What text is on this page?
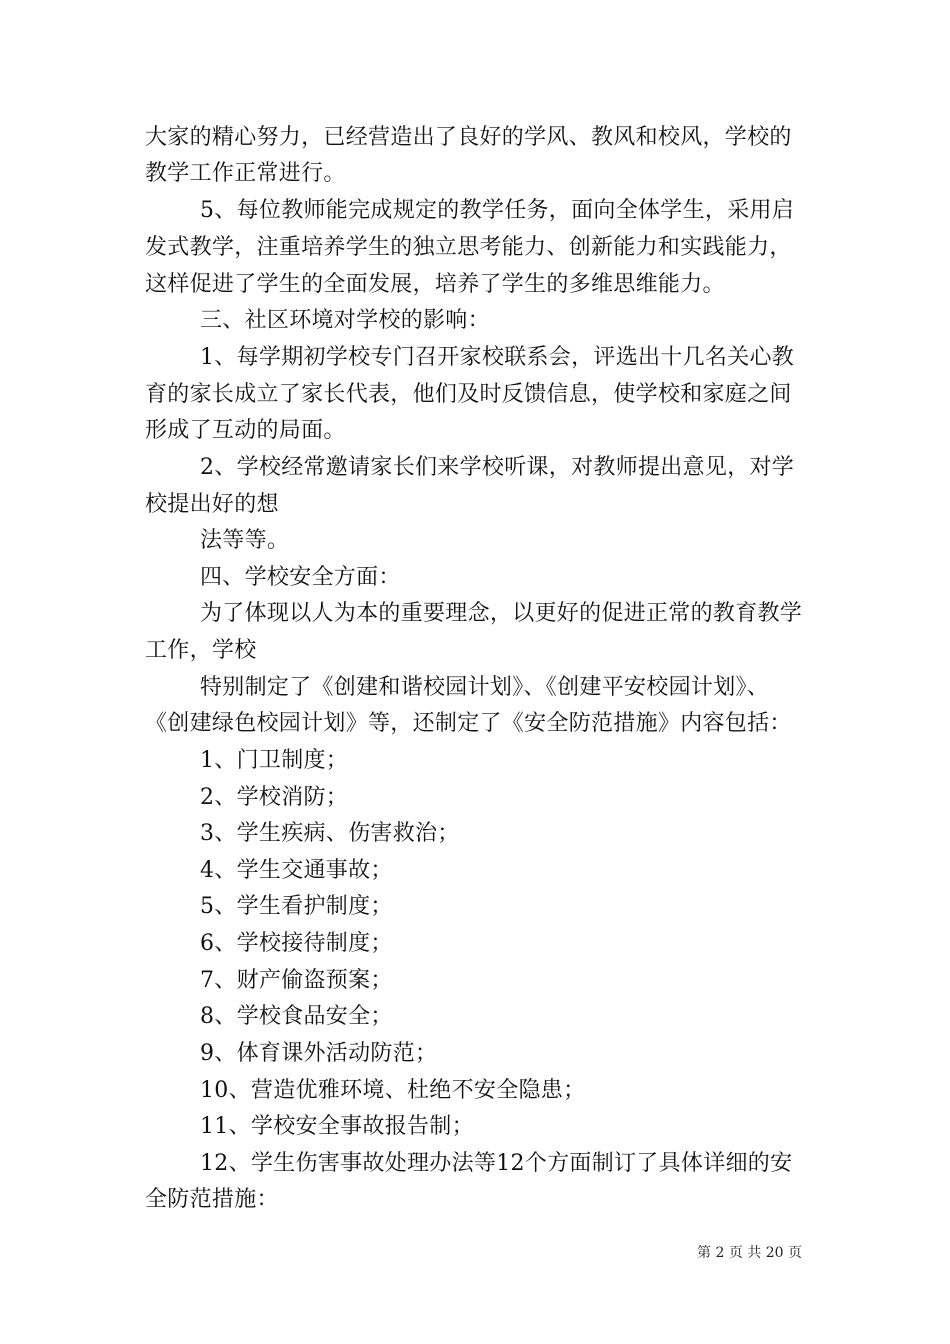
大家的精心努力，已经营造出了良好的学风、教风和校风，学校的
教学工作正常进行。
5、每位教师能完成规定的教学任务，面向全体学生，采用启
发式教学，注重培养学生的独立思考能力、创新能力和实践能力，
这样促进了学生的全面发展，培养了学生的多维思维能力。
三、社区环境对学校的影响：
1、每学期初学校专门召开家校联系会，评选出十几名关心教
育的家长成立了家长代表，他们及时反馈信息，使学校和家庭之间
形成了互动的局面。
2、学校经常邀请家长们来学校听课，对教师提出意见，对学
校提出好的想
法等等。
四、学校安全方面：
为了体现以人为本的重要理念，以更好的促进正常的教育教学
工作，学校
特别制定了《创建和谐校园计划》、《创建平安校园计划》、
《创建绿色校园计划》等，还制定了《安全防范措施》内容包括：
1、门卫制度；
2、学校消防；
3、学生疾病、伤害救治；
4、学生交通事故；
5、学生看护制度；
6、学校接待制度；
7、财产偷盗预案；
8、学校食品安全；
9、体育课外活动防范；
10、营造优雅环境、杜绝不安全隐患；
11、学校安全事故报告制；
12、学生伤害事故处理办法等12个方面制订了具体详细的安
全防范措施：
第 2 页 共 20 页
